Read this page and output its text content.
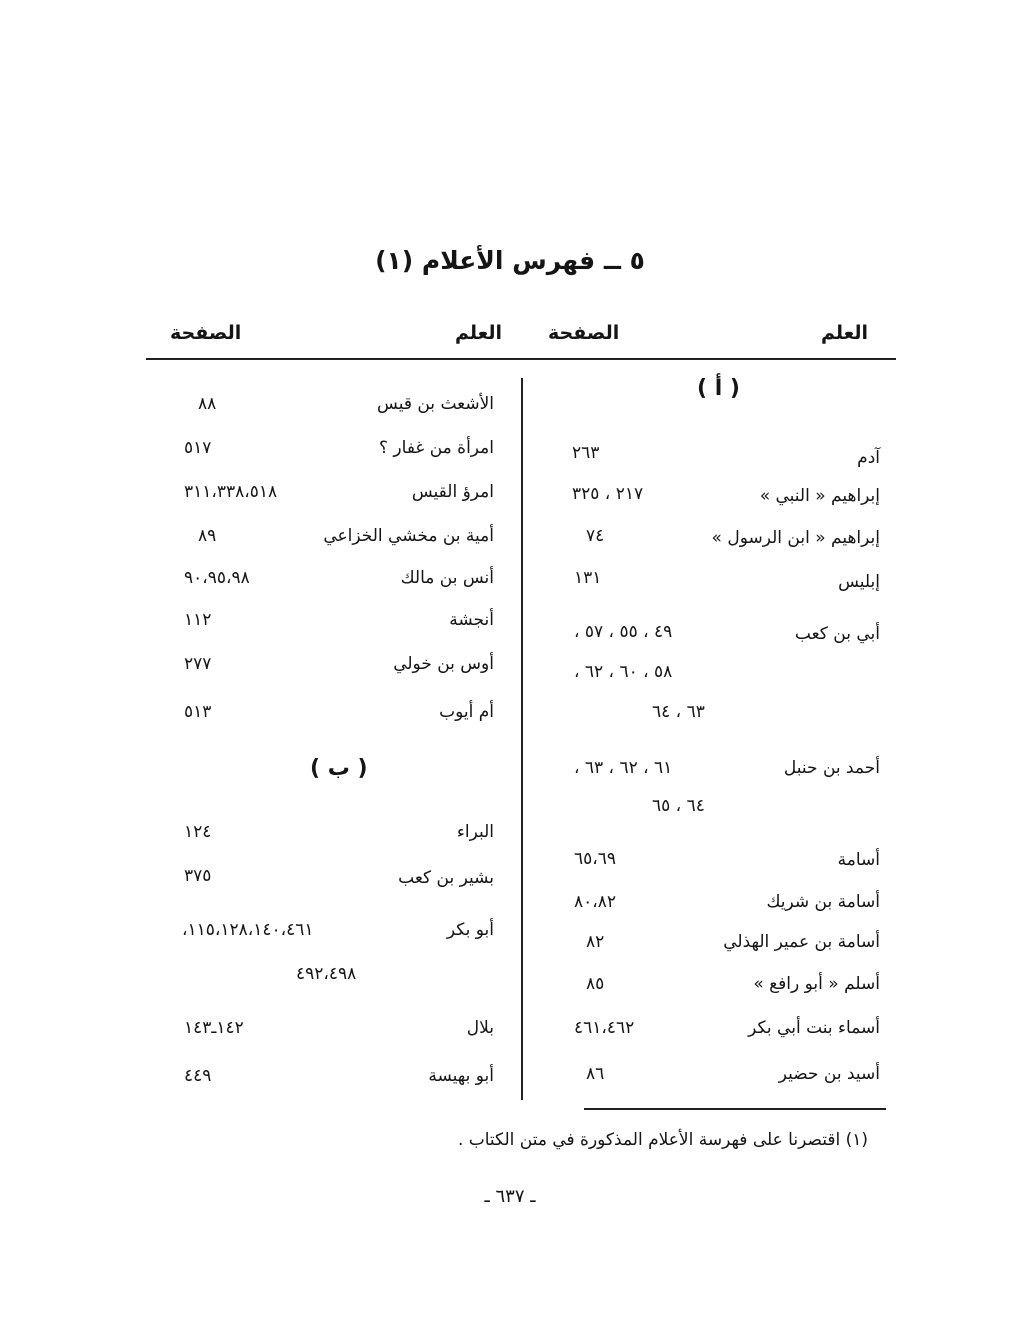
٥ ــ فهرس الأعلام (١)
العلم
الصفحة
العلم
الصفحة
( أ )
آدم
٢٦٣
إبراهيم « النبي »
٢١٧ ، ٣٢٥
إبراهيم « ابن الرسول »
٧٤
إبليس
١٣١
أبي بن كعب
٤٩ ، ٥٥ ، ٥٧ ،
٥٨ ، ٦٠ ، ٦٢ ،
٦٣ ، ٦٤
أحمد بن حنبل
٦١ ، ٦٢ ، ٦٣ ،
٦٤ ، ٦٥
أسامة
٦٥،٦٩
أسامة بن شريك
٨٠،٨٢
أسامة بن عمير الهذلي
٨٢
أسلم « أبو رافع »
٨٥
أسماء بنت أبي بكر
٤٦١،٤٦٢
أسيد بن حضير
٨٦
الأشعث بن قيس
٨٨
امرأة من غفار ؟
٥١٧
امرؤ القيس
٣١١،٣٣٨،٥١٨
أمية بن مخشي الخزاعي
٨٩
أنس بن مالك
٩٠،٩٥،٩٨
أنجشة
١١٢
أوس بن خولي
٢٧٧
أم أيوب
٥١٣
( ب )
البراء
١٢٤
بشير بن كعب
٣٧٥
أبو بكر
١١٥،١٢٨،١٤٠،٤٦١،
٤٩٢،٤٩٨
بلال
١٤٢ـ١٤٣
أبو بهيسة
٤٤٩
(١) اقتصرنا على فهرسة الأعلام المذكورة في متن الكتاب .
ـ ٦٣٧ ـ
